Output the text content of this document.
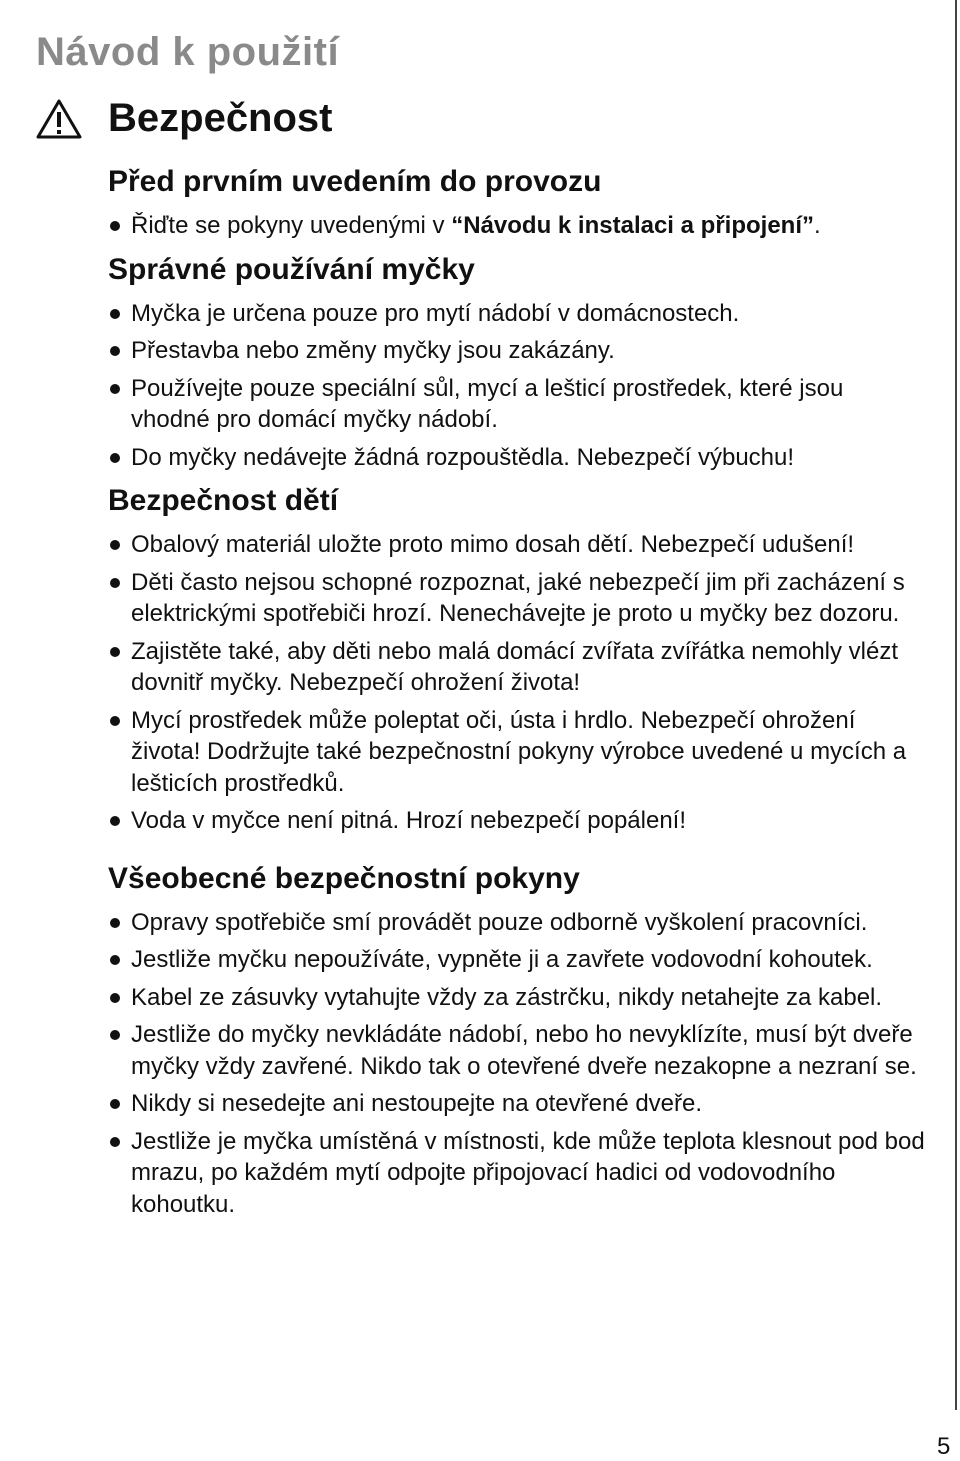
Návod k použití
Bezpečnost
Před prvním uvedením do provozu
Řiďte se pokyny uvedenými v “Návodu k instalaci a připojení”.
Správné používání myčky
Myčka je určena pouze pro mytí nádobí v domácnostech.
Přestavba nebo změny myčky jsou zakázány.
Používejte pouze speciální sůl, mycí a lešticí prostředek, které jsou vhodné pro domácí myčky nádobí.
Do myčky nedávejte žádná rozpouštědla. Nebezpečí výbuchu!
Bezpečnost dětí
Obalový materiál uložte proto mimo dosah dětí. Nebezpečí udušení!
Děti často nejsou schopné rozpoznat, jaké nebezpečí jim při zacházení s elektrickými spotřebiči hrozí. Nenechávejte je proto u myčky bez dozoru.
Zajistěte také, aby děti nebo malá domácí zvířata zvířátka nemohly vlézt dovnitř myčky. Nebezpečí ohrožení života!
Mycí prostředek může poleptat oči, ústa i hrdlo. Nebezpečí ohrožení života! Dodržujte také bezpečnostní pokyny výrobce uvedené u mycích a lešticích prostředků.
Voda v myčce není pitná. Hrozí nebezpečí popálení!
Všeobecné bezpečnostní pokyny
Opravy spotřebiče smí provádět pouze odborně vyškolení pracovníci.
Jestliže myčku nepoužíváte, vypněte ji a zavřete vodovodní kohoutek.
Kabel ze zásuvky vytahujte vždy za zástrčku, nikdy netahejte za kabel.
Jestliže do myčky nevkládáte nádobí, nebo ho nevyklízíte, musí být dveře myčky vždy zavřené. Nikdo tak o otevřené dveře nezakopne a nezraní se.
Nikdy si nesedejte ani nestoupejte na otevřené dveře.
Jestliže je myčka umístěná v místnosti, kde může teplota klesnout pod bod mrazu, po každém mytí odpojte připojovací hadici od vodovodního kohoutku.
5
